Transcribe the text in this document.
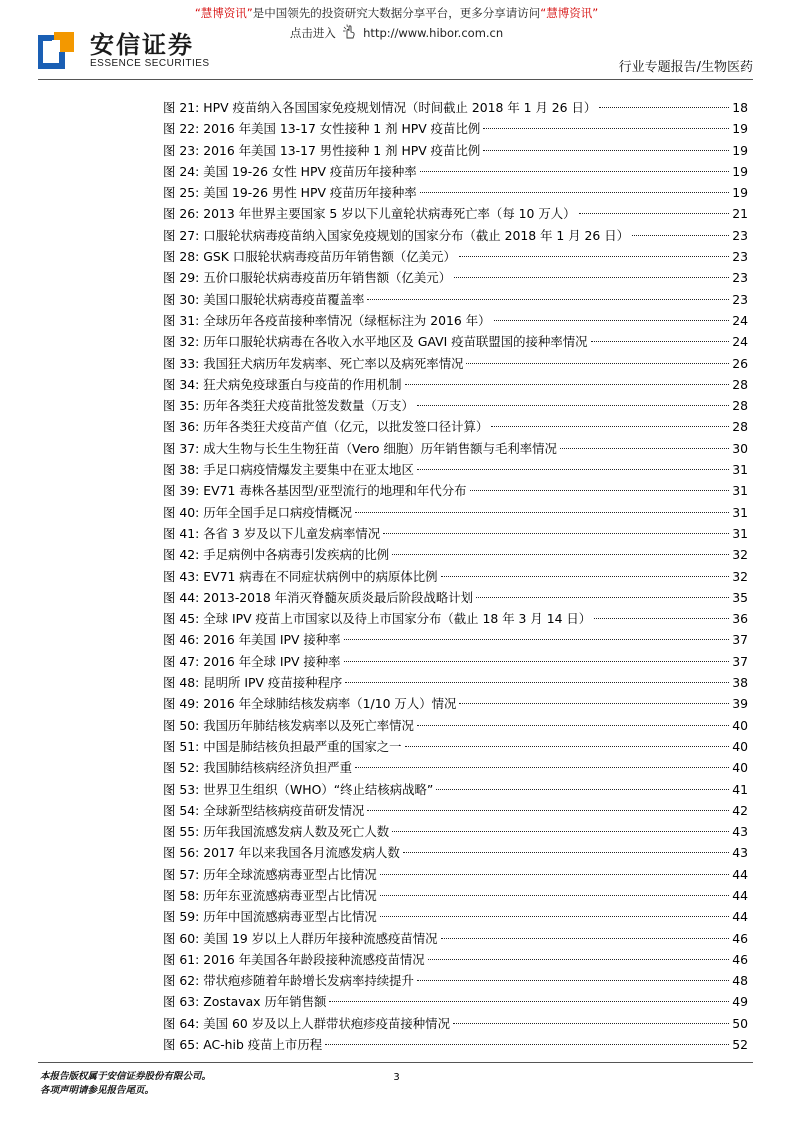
“慧博资讯”是中国领先的投资研究大数据分享平台，更多分享请访问“慧博资讯”
点击进入 http://www.hibor.com.cn
安信证券
ESSENCE SECURITIES	行业专题报告/生物医药
图 21: HPV 疫苗纳入各国国家免疫规划情况（时间截止 2018 年 1 月 26 日）	18
图 22: 2016 年美国 13-17 女性接种 1 剂 HPV 疫苗比例	19
图 23: 2016 年美国 13-17 男性接种 1 剂 HPV 疫苗比例	19
图 24: 美国 19-26 女性 HPV 疫苗历年接种率	19
图 25: 美国 19-26 男性 HPV 疫苗历年接种率	19
图 26: 2013 年世界主要国家 5 岁以下儿童轮状病毒死亡率（每 10 万人）	21
图 27: 口服轮状病毒疫苗纳入国家免疫规划的国家分布（截止 2018 年 1 月 26 日）	23
图 28: GSK 口服轮状病毒疫苗历年销售额（亿美元）	23
图 29: 五价口服轮状病毒疫苗历年销售额（亿美元）	23
图 30: 美国口服轮状病毒疫苗覆盖率	23
图 31: 全球历年各疫苗接种率情况（绿框标注为 2016 年）	24
图 32: 历年口服轮状病毒在各收入水平地区及 GAVI 疫苗联盟国的接种率情况	24
图 33: 我国狂犬病历年发病率、死亡率以及病死率情况	26
图 34: 狂犬病免疫球蛋白与疫苗的作用机制	28
图 35: 历年各类狂犬疫苗批签发数量（万支）	28
图 36: 历年各类狂犬疫苗产值（亿元，以批发签口径计算）	28
图 37: 成大生物与长生生物狂苗（Vero 细胞）历年销售额与毛利率情况	30
图 38: 手足口病疫情爆发主要集中在亚太地区	31
图 39: EV71 毒株各基因型/亚型流行的地理和年代分布	31
图 40: 历年全国手足口病疫情概况	31
图 41: 各省 3 岁及以下儿童发病率情况	31
图 42: 手足病例中各病毒引发疾病的比例	32
图 43: EV71 病毒在不同症状病例中的病原体比例	32
图 44: 2013-2018 年消灭脊髓灰质炎最后阶段战略计划	35
图 45: 全球 IPV 疫苗上市国家以及待上市国家分布（截止 18 年 3 月 14 日）	36
图 46: 2016 年美国 IPV 接种率	37
图 47: 2016 年全球 IPV 接种率	37
图 48: 昆明所 IPV 疫苗接种程序	38
图 49: 2016 年全球肺结核发病率（1/10 万人）情况	39
图 50: 我国历年肺结核发病率以及死亡率情况	40
图 51: 中国是肺结核负担最严重的国家之一	40
图 52: 我国肺结核病经济负担严重	40
图 53: 世界卫生组织（WHO）“终止结核病战略”	41
图 54: 全球新型结核病疫苗研发情况	42
图 55: 历年我国流感发病人数及死亡人数	43
图 56: 2017 年以来我国各月流感发病人数	43
图 57: 历年全球流感病毒亚型占比情况	44
图 58: 历年东亚流感病毒亚型占比情况	44
图 59: 历年中国流感病毒亚型占比情况	44
图 60: 美国 19 岁以上人群历年接种流感疫苗情况	46
图 61: 2016 年美国各年龄段接种流感疫苗情况	46
图 62: 带状疱疹随着年龄增长发病率持续提升	48
图 63: Zostavax 历年销售额	49
图 64: 美国 60 岁及以上人群带状疱疹疫苗接种情况	50
图 65: AC-hib 疫苗上市历程	52
本报告版权属于安信证券股份有限公司。
各项声明请参见报告尾页。
3
